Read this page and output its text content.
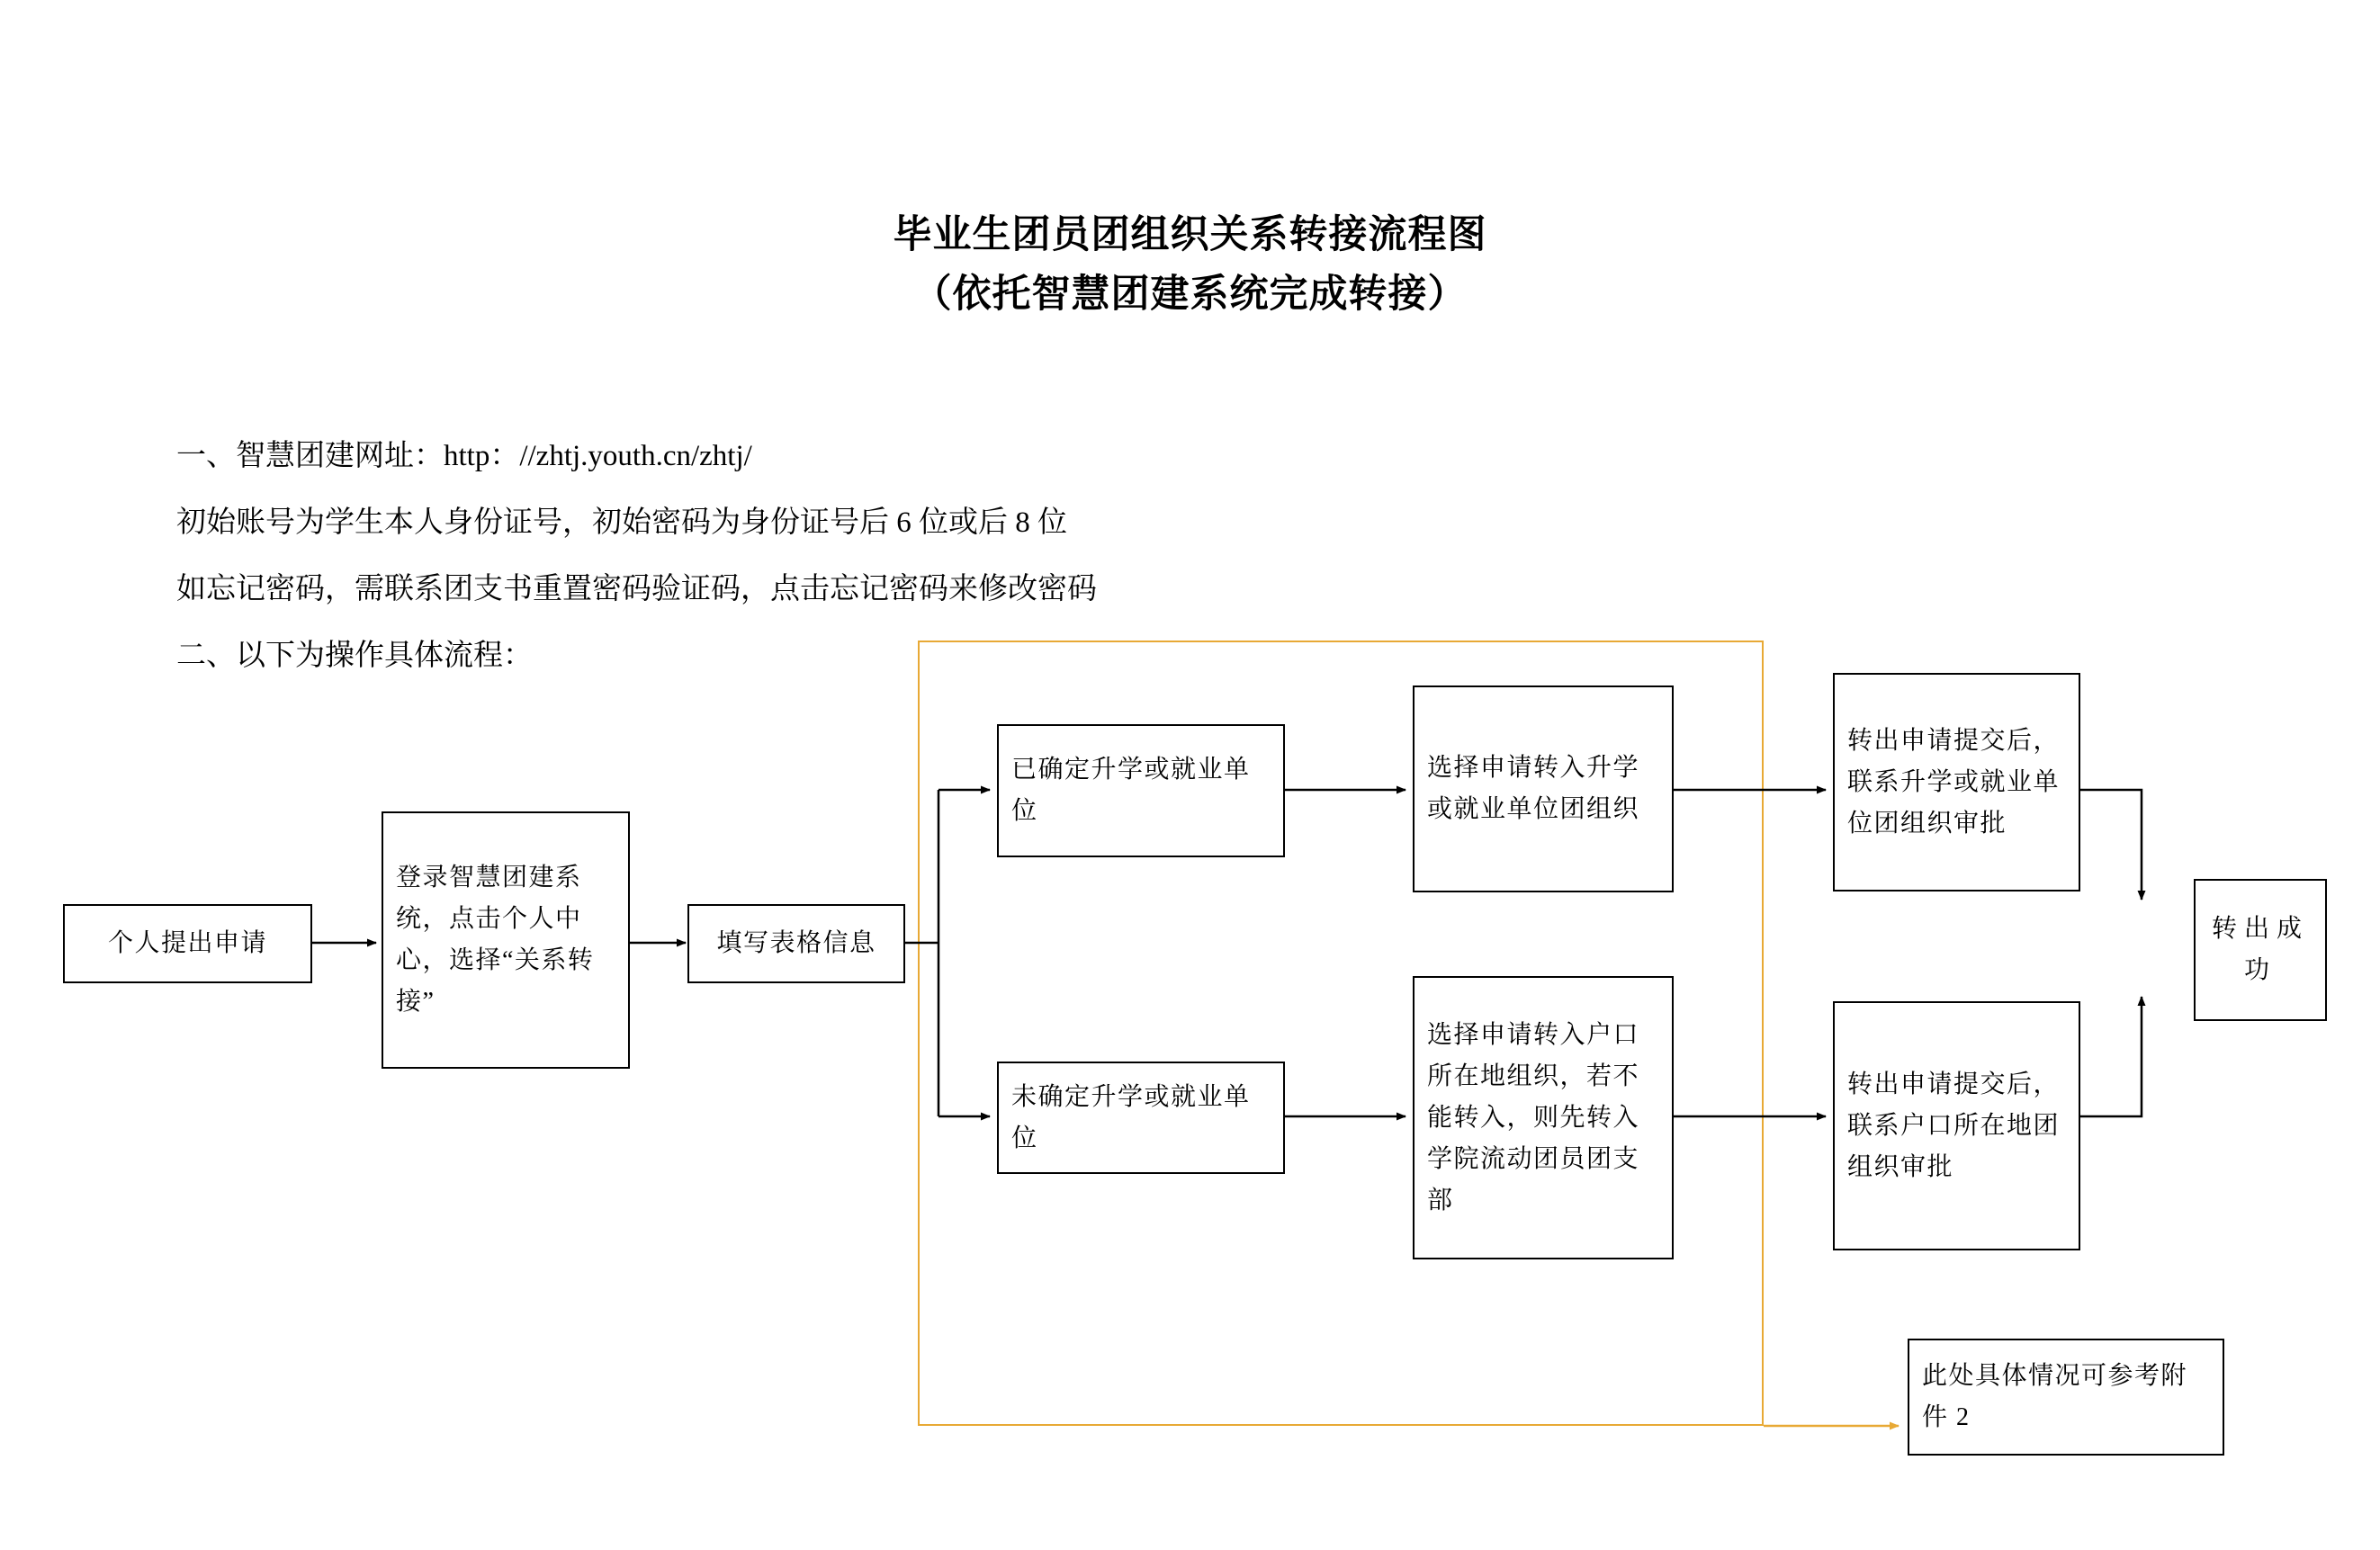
毕业生团员团组织关系转接流程图
（依托智慧团建系统完成转接）
一、智慧团建网址：http：//zhtj.youth.cn/zhtj/
初始账号为学生本人身份证号，初始密码为身份证号后 6 位或后 8 位
如忘记密码，需联系团支书重置密码验证码，点击忘记密码来修改密码
二、以下为操作具体流程：
个人提出申请
登录智慧团建系统，点击个人中心，选择“关系转接”
填写表格信息
已确定升学或就业单位
未确定升学或就业单位
选择申请转入升学或就业单位团组织
选择申请转入户口所在地组织，若不能转入，则先转入学院流动团员团支部
转出申请提交后，联系升学或就业单位团组织审批
转出申请提交后，联系户口所在地团组织审批
转出成功
此处具体情况可参考附件 2
